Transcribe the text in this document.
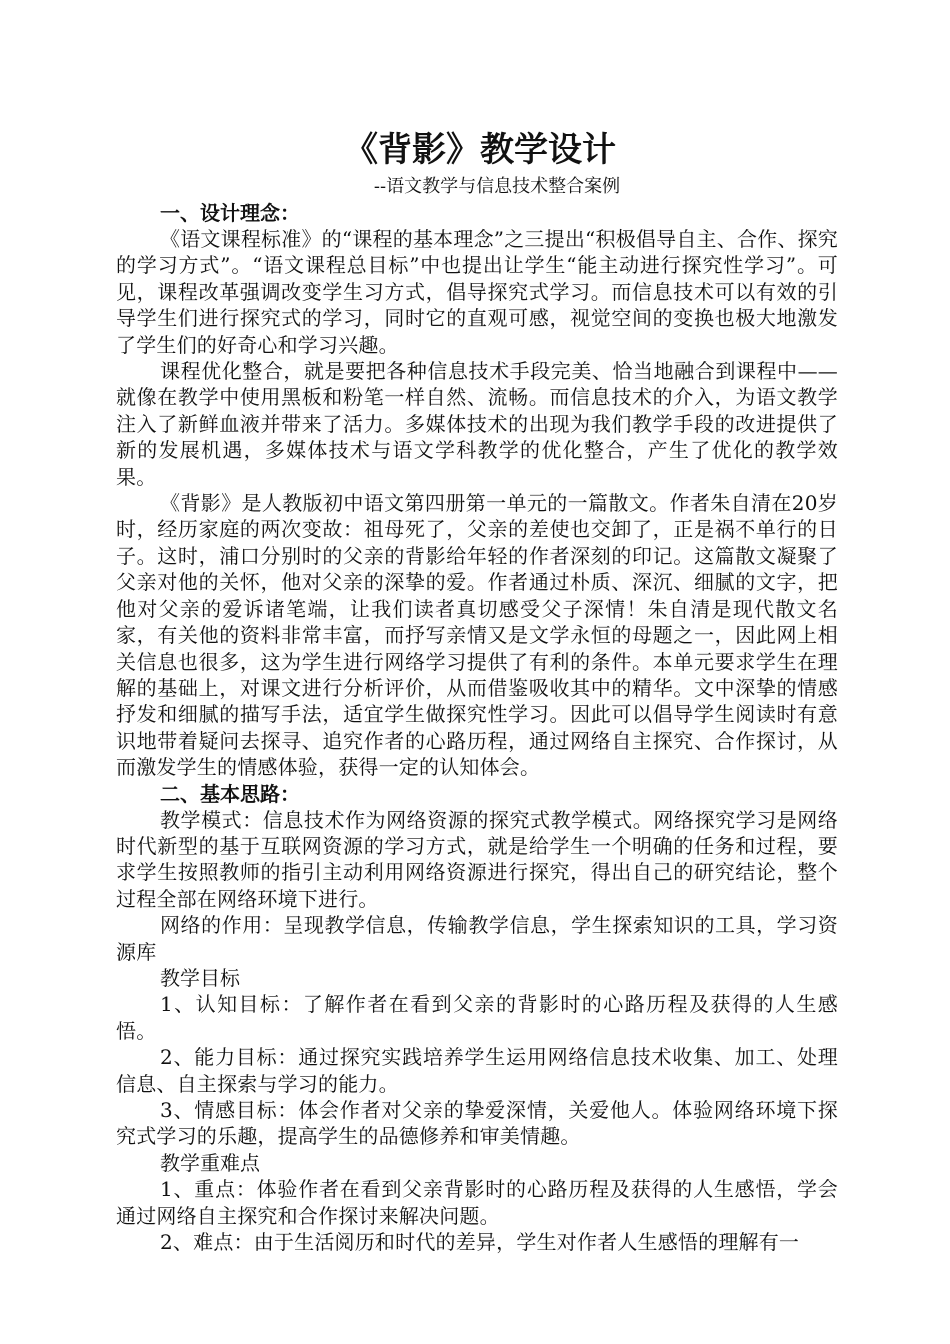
《背影》教学设计

--语文教学与信息技术整合案例

一、设计理念：

《语文课程标准》的“课程的基本理念”之三提出“积极倡导自主、合作、探究的学习方式”。“语文课程总目标”中也提出让学生“能主动进行探究性学习”。可见，课程改革强调改变学生习方式，倡导探究式学习。而信息技术可以有效的引导学生们进行探究式的学习，同时它的直观可感，视觉空间的变换也极大地激发了学生们的好奇心和学习兴趣。

课程优化整合，就是要把各种信息技术手段完美、恰当地融合到课程中——就像在教学中使用黑板和粉笔一样自然、流畅。而信息技术的介入，为语文教学注入了新鲜血液并带来了活力。多媒体技术的出现为我们教学手段的改进提供了新的发展机遇，多媒体技术与语文学科教学的优化整合，产生了优化的教学效果。

《背影》是人教版初中语文第四册第一单元的一篇散文。作者朱自清在20岁时，经历家庭的两次变故：祖母死了，父亲的差使也交卸了，正是祸不单行的日子。这时，浦口分别时的父亲的背影给年轻的作者深刻的印记。这篇散文凝聚了父亲对他的关怀，他对父亲的深挚的爱。作者通过朴质、深沉、细腻的文字，把他对父亲的爱诉诸笔端，让我们读者真切感受父子深情！朱自清是现代散文名家，有关他的资料非常丰富，而抒写亲情又是文学永恒的母题之一，因此网上相关信息也很多，这为学生进行网络学习提供了有利的条件。本单元要求学生在理解的基础上，对课文进行分析评价，从而借鉴吸收其中的精华。文中深挚的情感抒发和细腻的描写手法，适宜学生做探究性学习。因此可以倡导学生阅读时有意识地带着疑问去探寻、追究作者的心路历程，通过网络自主探究、合作探讨，从而激发学生的情感体验，获得一定的认知体会。

二、基本思路：

教学模式：信息技术作为网络资源的探究式教学模式。网络探究学习是网络时代新型的基于互联网资源的学习方式，就是给学生一个明确的任务和过程，要求学生按照教师的指引主动利用网络资源进行探究，得出自己的研究结论，整个过程全部在网络环境下进行。

网络的作用：呈现教学信息，传输教学信息，学生探索知识的工具，学习资源库

教学目标

1、认知目标：了解作者在看到父亲的背影时的心路历程及获得的人生感悟。

2、能力目标：通过探究实践培养学生运用网络信息技术收集、加工、处理信息、自主探索与学习的能力。

3、情感目标：体会作者对父亲的挚爱深情，关爱他人。体验网络环境下探究式学习的乐趣，提高学生的品德修养和审美情趣。

教学重难点

1、重点：体验作者在看到父亲背影时的心路历程及获得的人生感悟，学会通过网络自主探究和合作探讨来解决问题。

2、难点：由于生活阅历和时代的差异，学生对作者人生感悟的理解有一
